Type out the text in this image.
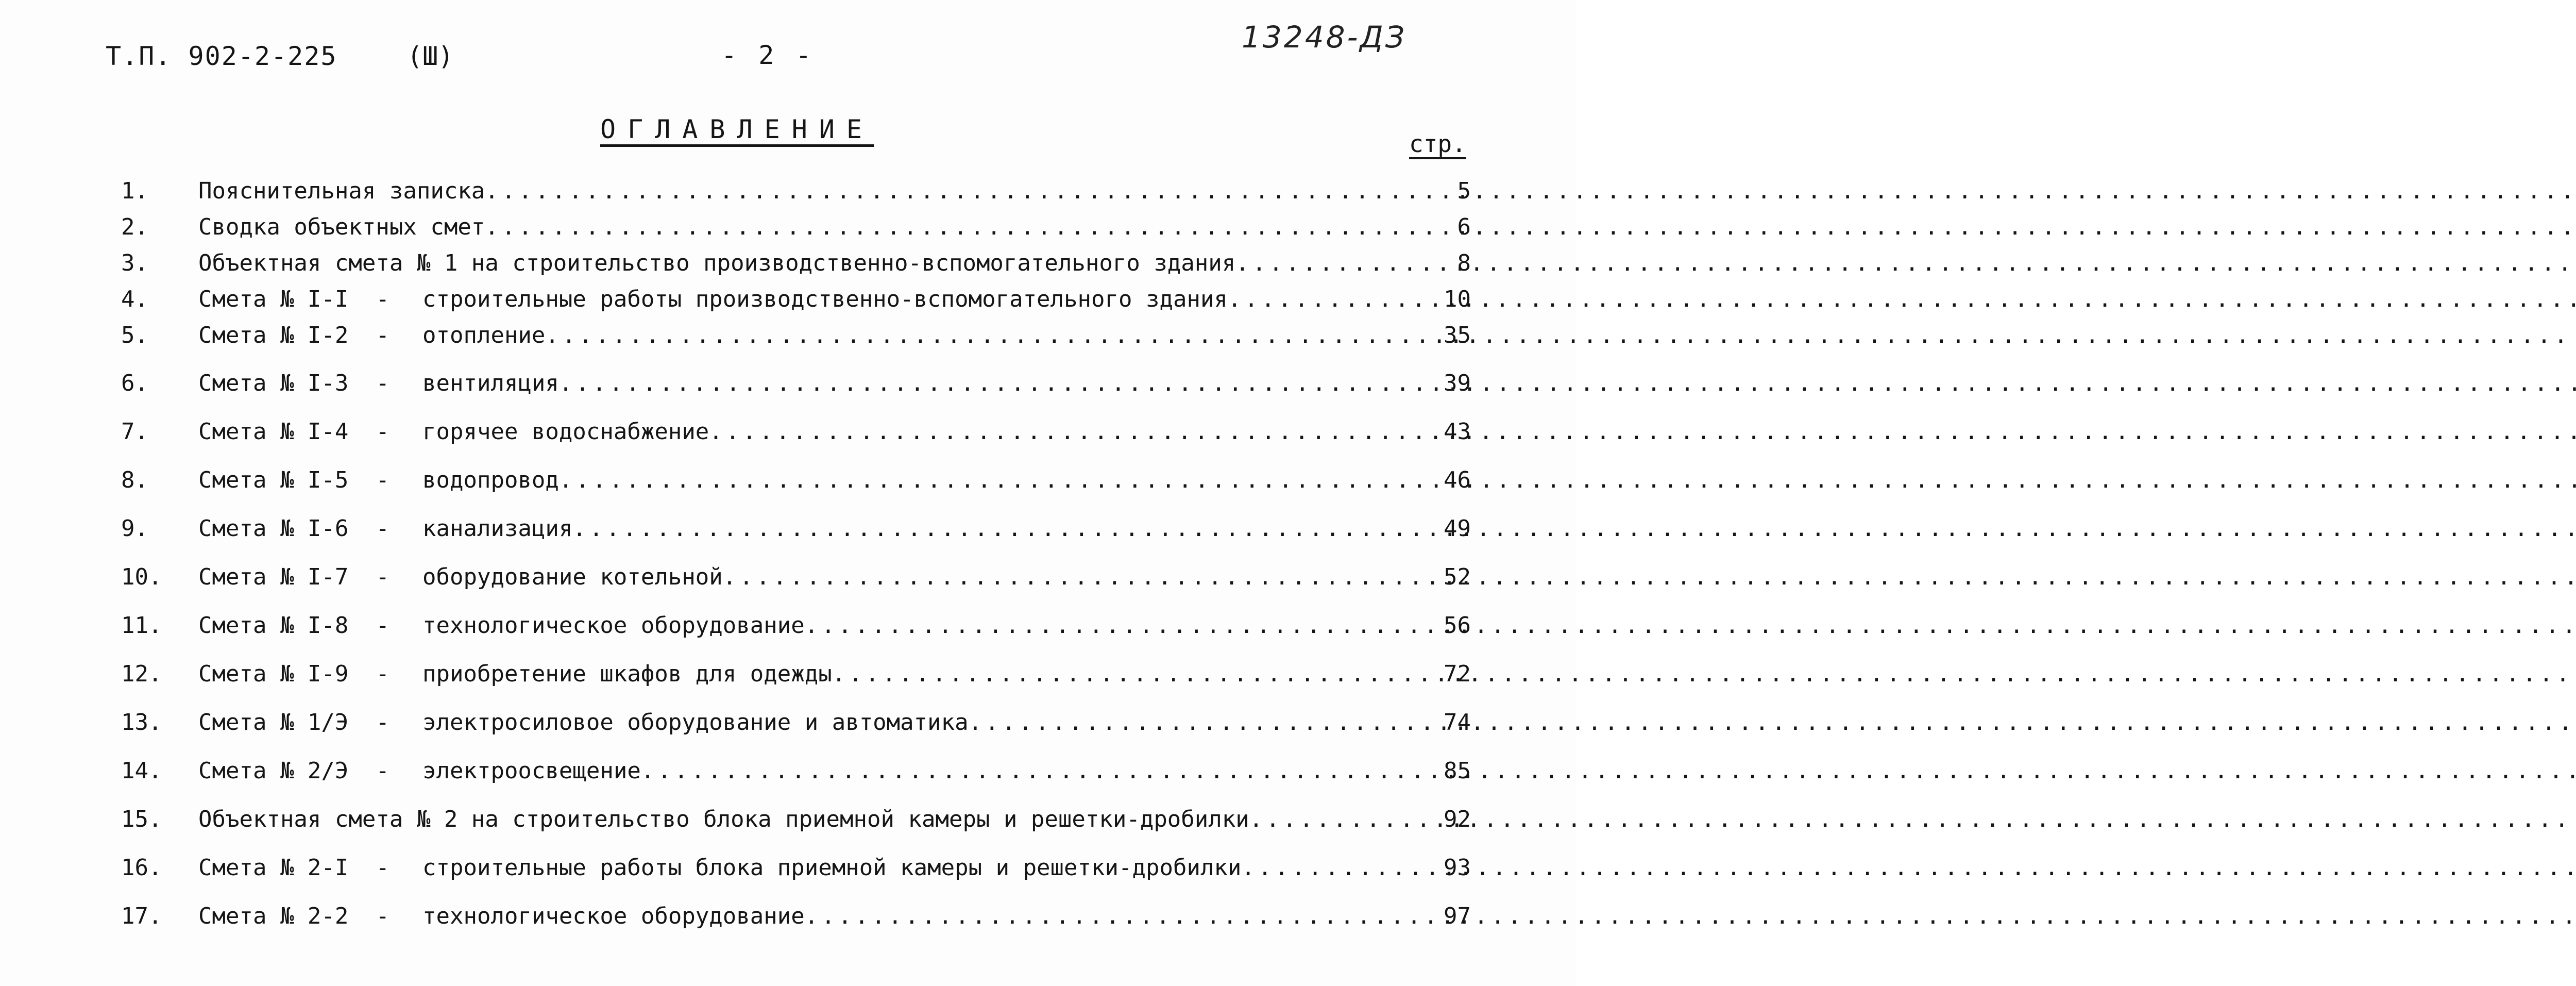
Т.П. 902-2-225	(Ш)	- 2 -
13248-ДЗ
ОГЛАВЛЕНИЕ	стр.
1.	Пояснительная записка .....	5
2.	Сводка объектных смет .....	6
3.	Объектная смета № 1 на строительство производственно-вспомогательного здания .....	8
4.	Смета № I-I  -	строительные работы производственно-вспомогательного здания .....	10
5.	Смета № I-2  -	отопление .....	35
6.	Смета № I-3  -	вентиляция .....	39
7.	Смета № I-4  -	горячее водоснабжение .....	43
8.	Смета № I-5  -	водопровод .....	46
9.	Смета № I-6  -	канализация .....	49
10.	Смета № I-7  -	оборудование котельной .....	52
11.	Смета № I-8  -	технологическое оборудование .....	56
12.	Смета № I-9  -	приобретение шкафов для одежды .....	72
13.	Смета № 1/Э  -	электросиловое оборудование и автоматика .....	74
14.	Смета № 2/Э  -	электроосвещение .....	85
15.	Объектная смета № 2 на строительство блока приемной камеры и решетки-дробилки .....	92
16.	Смета № 2-I  -	строительные работы блока приемной камеры и решетки-дробилки .....	93
17.	Смета № 2-2  -	технологическое оборудование .....	97
